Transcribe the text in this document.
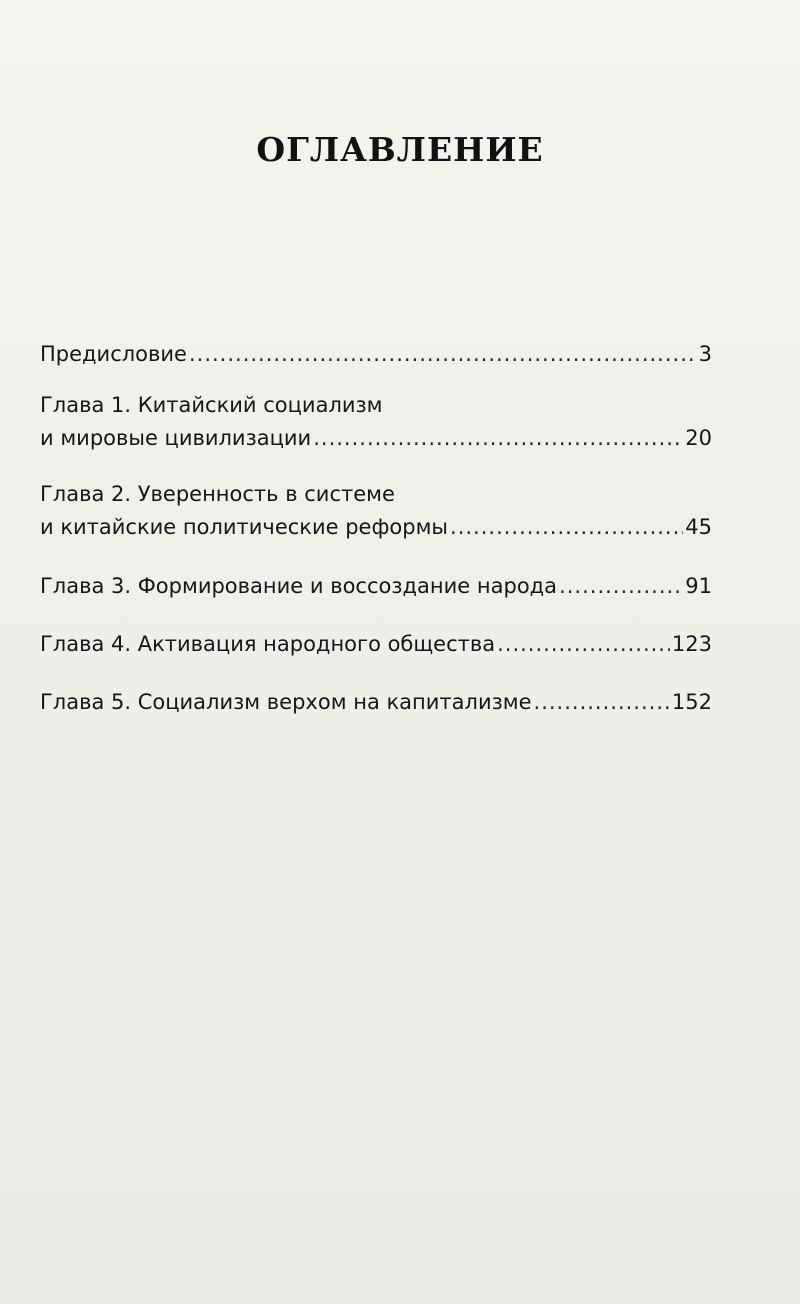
ОГЛАВЛЕНИЕ
Предисловие .....	3
Глава 1. Китайский социализм
и мировые цивилизации .....	20
Глава 2. Уверенность в системе
и китайские политические реформы .....	45
Глава 3. Формирование и воссоздание народа .....	91
Глава 4. Активация народного общества .....	123
Глава 5. Социализм верхом на капитализме .....	152
